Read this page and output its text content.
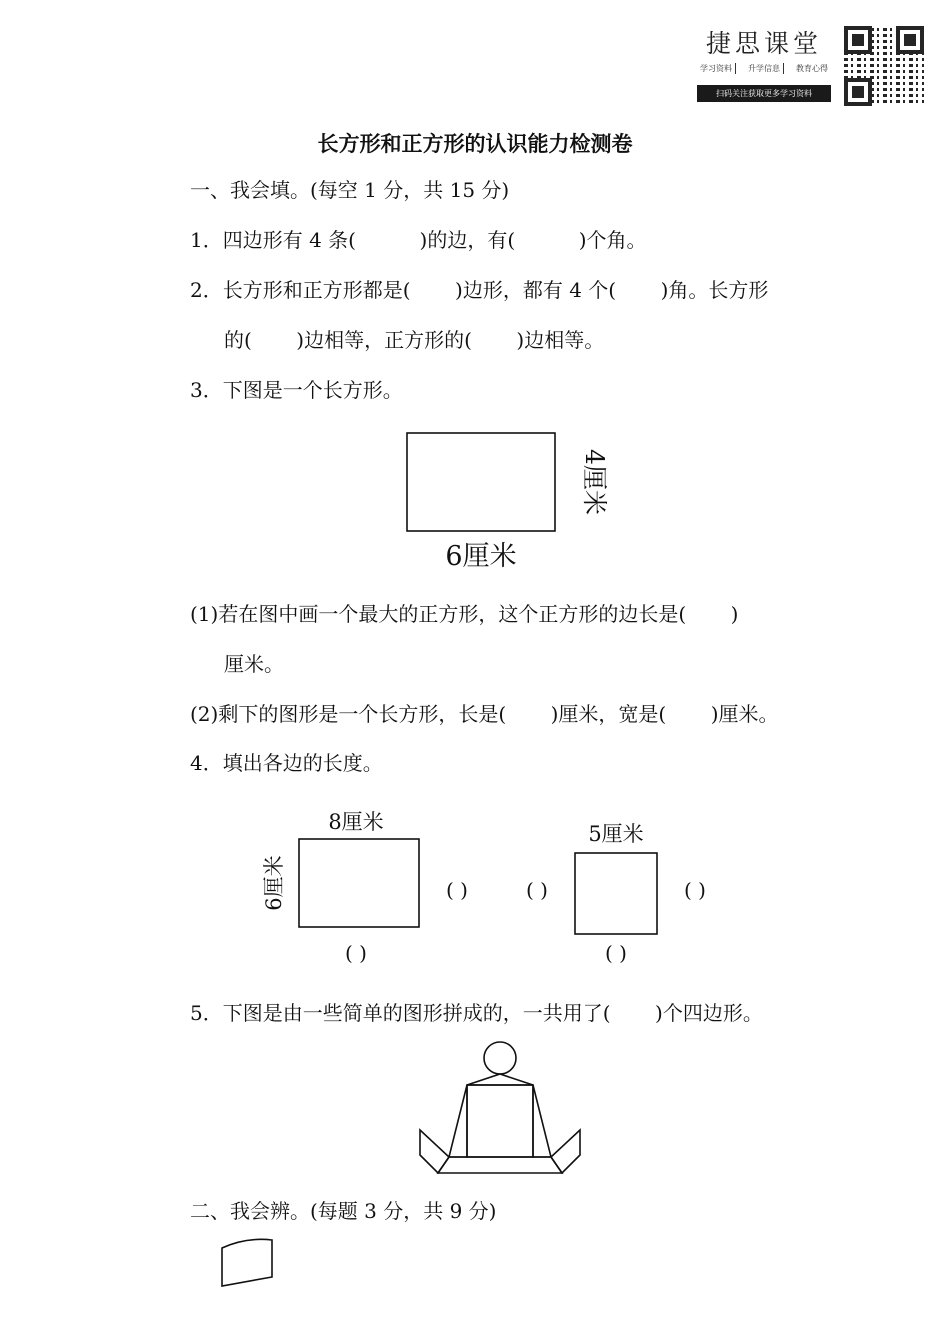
捷思课堂
学习资料	升学信息	教育心得
扫码关注获取更多学习资料
长方形和正方形的认识能力检测卷
一、我会填。(每空 1 分，共 15 分)
1．四边形有 4 条(          )的边，有(          )个角。
2．长方形和正方形都是(       )边形，都有 4 个(       )角。长方形
的(       )边相等，正方形的(       )边相等。
3．下图是一个长方形。
4厘米
6厘米
8厘米
6厘米	( )
( )
5厘米
( )	( )
( )
(1)若在图中画一个最大的正方形，这个正方形的边长是(       )
厘米。
(2)剩下的图形是一个长方形，长是(       )厘米，宽是(       )厘米。
4．填出各边的长度。
5．下图是由一些简单的图形拼成的，一共用了(       )个四边形。
二、我会辨。(每题 3 分，共 9 分)
